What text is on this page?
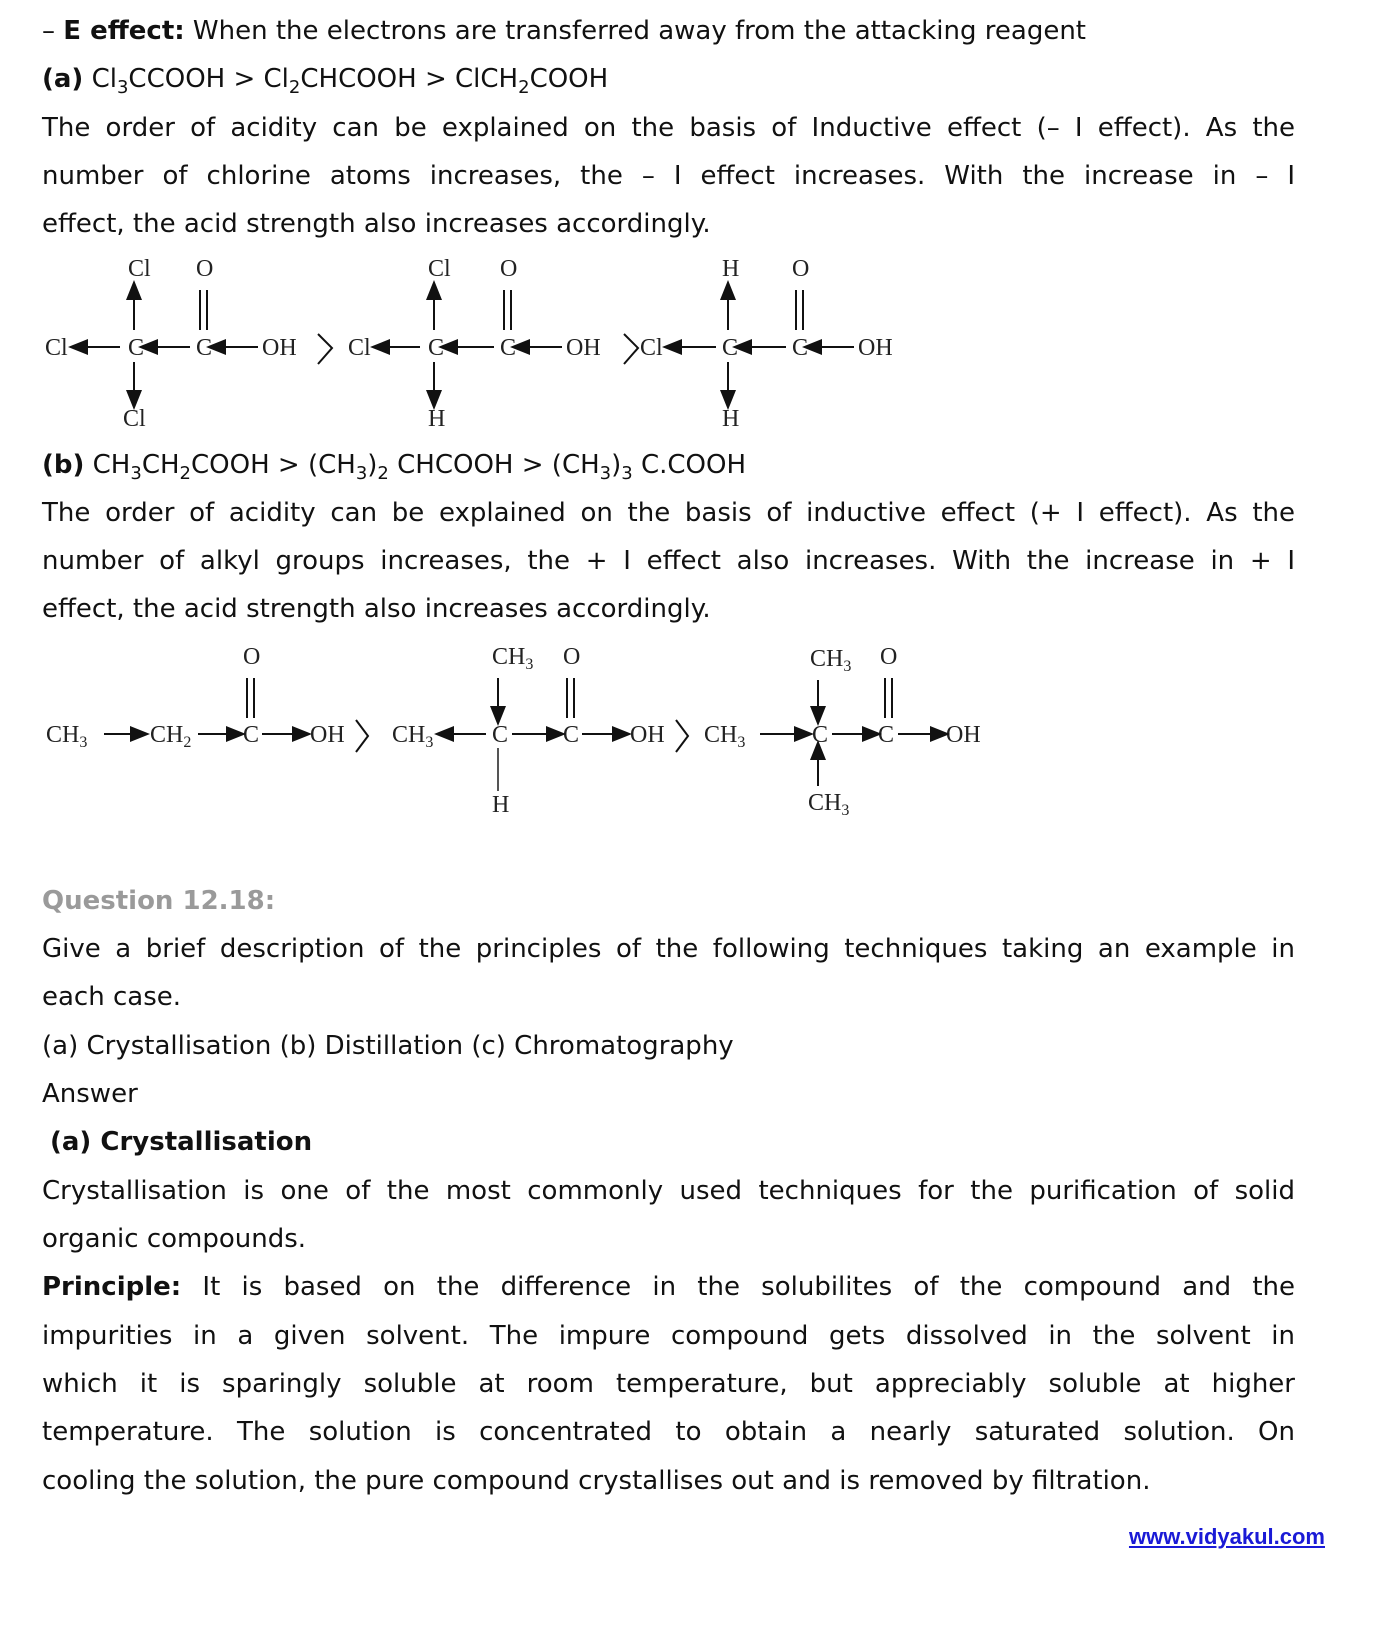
– E effect: When the electrons are transferred away from the attacking reagent
(a) $Cl_3CCOOH$ > $Cl_2CHCOOH$ > ClCH$_2$COOH
The order of acidity can be explained on the basis of Inductive effect (– I effect). As the
number of chlorine atoms increases, the – I effect increases. With the increase in – I
effect, the acid strength also increases accordingly.
Cl O
Cl	C C OH
Cl
Cl O
Cl C C OH
H
H O
Cl C C OH
H
(b) $CH_3CH_2COOH > (CH_3)_2$ CHCOOH > $(CH_3)_3$ C.COOH
The order of acidity can be explained on the basis of inductive effect (+ I effect). As the
number of alkyl groups increases, the + I effect also increases. With the increase in + I
effect, the acid strength also increases accordingly.
$CH_3$	$CH_2$ C
O
OH $CH_3$
$CH_3$ O
C C OH
H
$CH_3$
$CH_3$ O
C C OH
$CH_3$
Question 12.18:
Give a brief description of the principles of the following techniques taking an example in
each case.
(a) Crystallisation (b) Distillation (c) Chromatography
Answer
(a) Crystallisation
Crystallisation is one of the most commonly used techniques for the purification of solid
organic compounds.
Principle: It is based on the difference in the solubilites of the compound and the
impurities in a given solvent. The impure compound gets dissolved in the solvent in
which it is sparingly soluble at room temperature, but appreciably soluble at higher
temperature. The solution is concentrated to obtain a nearly saturated solution. On
cooling the solution, the pure compound crystallises out and is removed by filtration.
www.vidyakul.com
